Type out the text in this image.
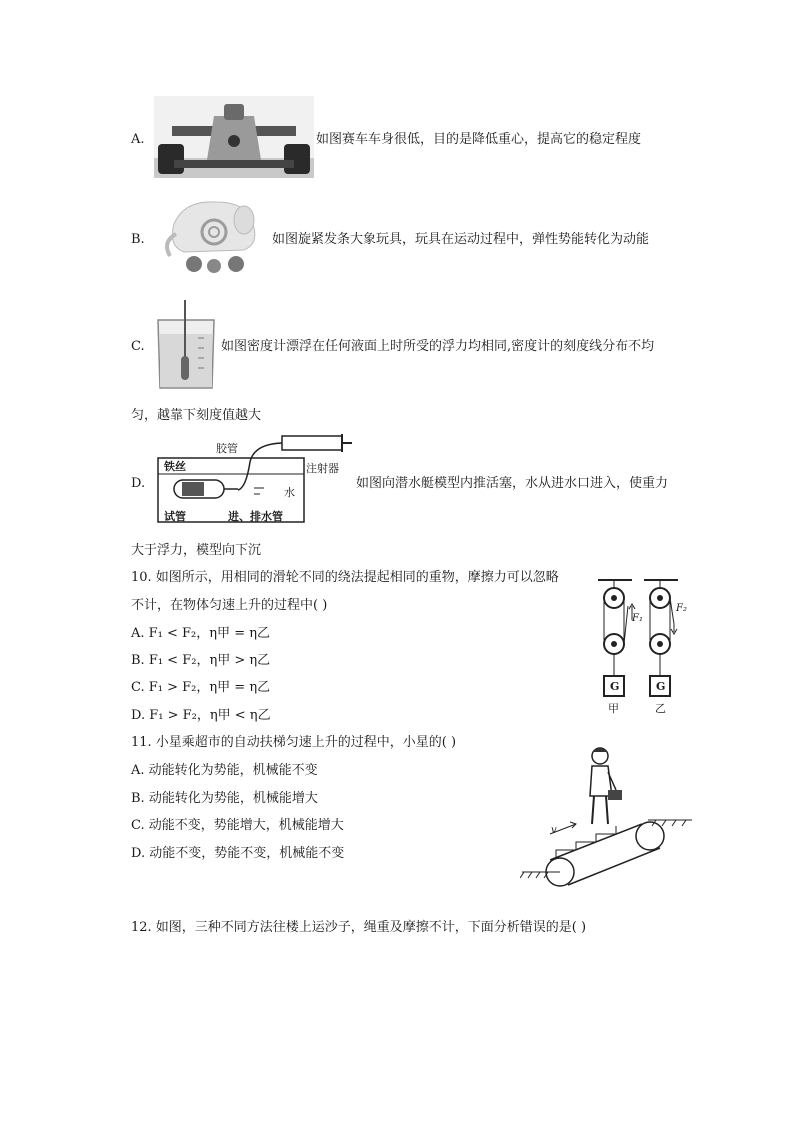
A.	如图赛车车身很低，目的是降低重心，提高它的稳定程度
B.	如图旋紧发条大象玩具，玩具在运动过程中，弹性势能转化为动能
C.	如图密度计漂浮在任何液面上时所受的浮力均相同,密度计的刻度线分布不均
匀，越靠下刻度值越大
D.
胶管
注射器
铁丝
水
试管	进、排水管
如图向潜水艇模型内推活塞，水从进水口进入，使重力
大于浮力，模型向下沉
10. 如图所示，用相同的滑轮不同的绕法提起相同的重物，摩擦力可以忽略
不计，在物体匀速上升的过程中( )
A. F₁ < F₂，η甲 = η乙
B. F₁ < F₂，η甲 > η乙
C. F₁ > F₂，η甲 = η乙
D. F₁ > F₂，η甲 < η乙
F₁
F₂
G	G
甲	乙
11. 小星乘超市的自动扶梯匀速上升的过程中，小星的( )
A. 动能转化为势能，机械能不变
B. 动能转化为势能，机械能增大
C. 动能不变，势能增大，机械能增大
D. 动能不变，势能不变，机械能不变
v
12. 如图，三种不同方法往楼上运沙子，绳重及摩擦不计，下面分析错误的是( )
